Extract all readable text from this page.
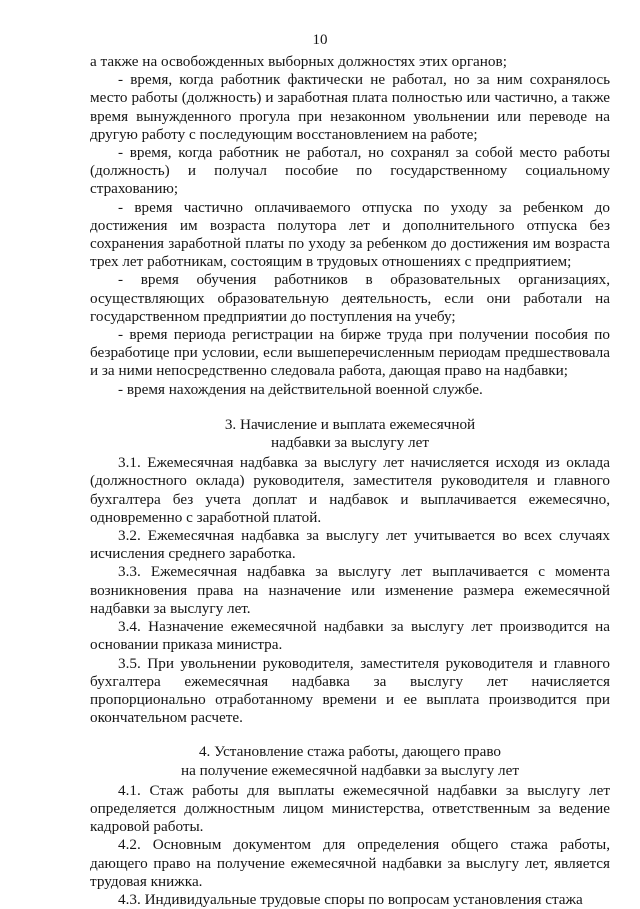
10

а также на освобожденных выборных должностях этих органов;

- время, когда работник фактически не работал, но за ним сохранялось место работы (должность) и заработная плата полностью или частично, а также время вынужденного прогула при незаконном увольнении или переводе на другую работу с последующим восстановлением на работе;

- время, когда работник не работал, но сохранял за собой место работы (должность) и получал пособие по государственному социальному страхованию;

- время частично оплачиваемого отпуска по уходу за ребенком до достижения им возраста полутора лет и дополнительного отпуска без сохранения заработной платы по уходу за ребенком до достижения им возраста трех лет работникам, состоящим в трудовых отношениях с предприятием;

- время обучения работников в образовательных организациях, осуществляющих образовательную деятельность, если они работали на государственном предприятии до поступления на учебу;

- время периода регистрации на бирже труда при получении пособия по безработице при условии, если вышеперечисленным периодам предшествовала и за ними непосредственно следовала работа, дающая право на надбавки;

- время нахождения на действительной военной службе.

3. Начисление и выплата ежемесячной
надбавки за выслугу лет

3.1. Ежемесячная надбавка за выслугу лет начисляется исходя из оклада (должностного оклада) руководителя, заместителя руководителя и главного бухгалтера без учета доплат и надбавок и выплачивается ежемесячно, одновременно с заработной платой.

3.2. Ежемесячная надбавка за выслугу лет учитывается во всех случаях исчисления среднего заработка.

3.3. Ежемесячная надбавка за выслугу лет выплачивается с момента возникновения права на назначение или изменение размера ежемесячной надбавки за выслугу лет.

3.4. Назначение ежемесячной надбавки за выслугу лет производится на основании приказа министра.

3.5. При увольнении руководителя, заместителя руководителя и главного бухгалтера ежемесячная надбавка за выслугу лет начисляется пропорционально отработанному времени и ее выплата производится при окончательном расчете.

4. Установление стажа работы, дающего право
на получение ежемесячной надбавки за выслугу лет

4.1. Стаж работы для выплаты ежемесячной надбавки за выслугу лет определяется должностным лицом министерства, ответственным за ведение кадровой работы.

4.2. Основным документом для определения общего стажа работы, дающего право на получение ежемесячной надбавки за выслугу лет, является трудовая книжка.

4.3. Индивидуальные трудовые споры по вопросам установления стажа
